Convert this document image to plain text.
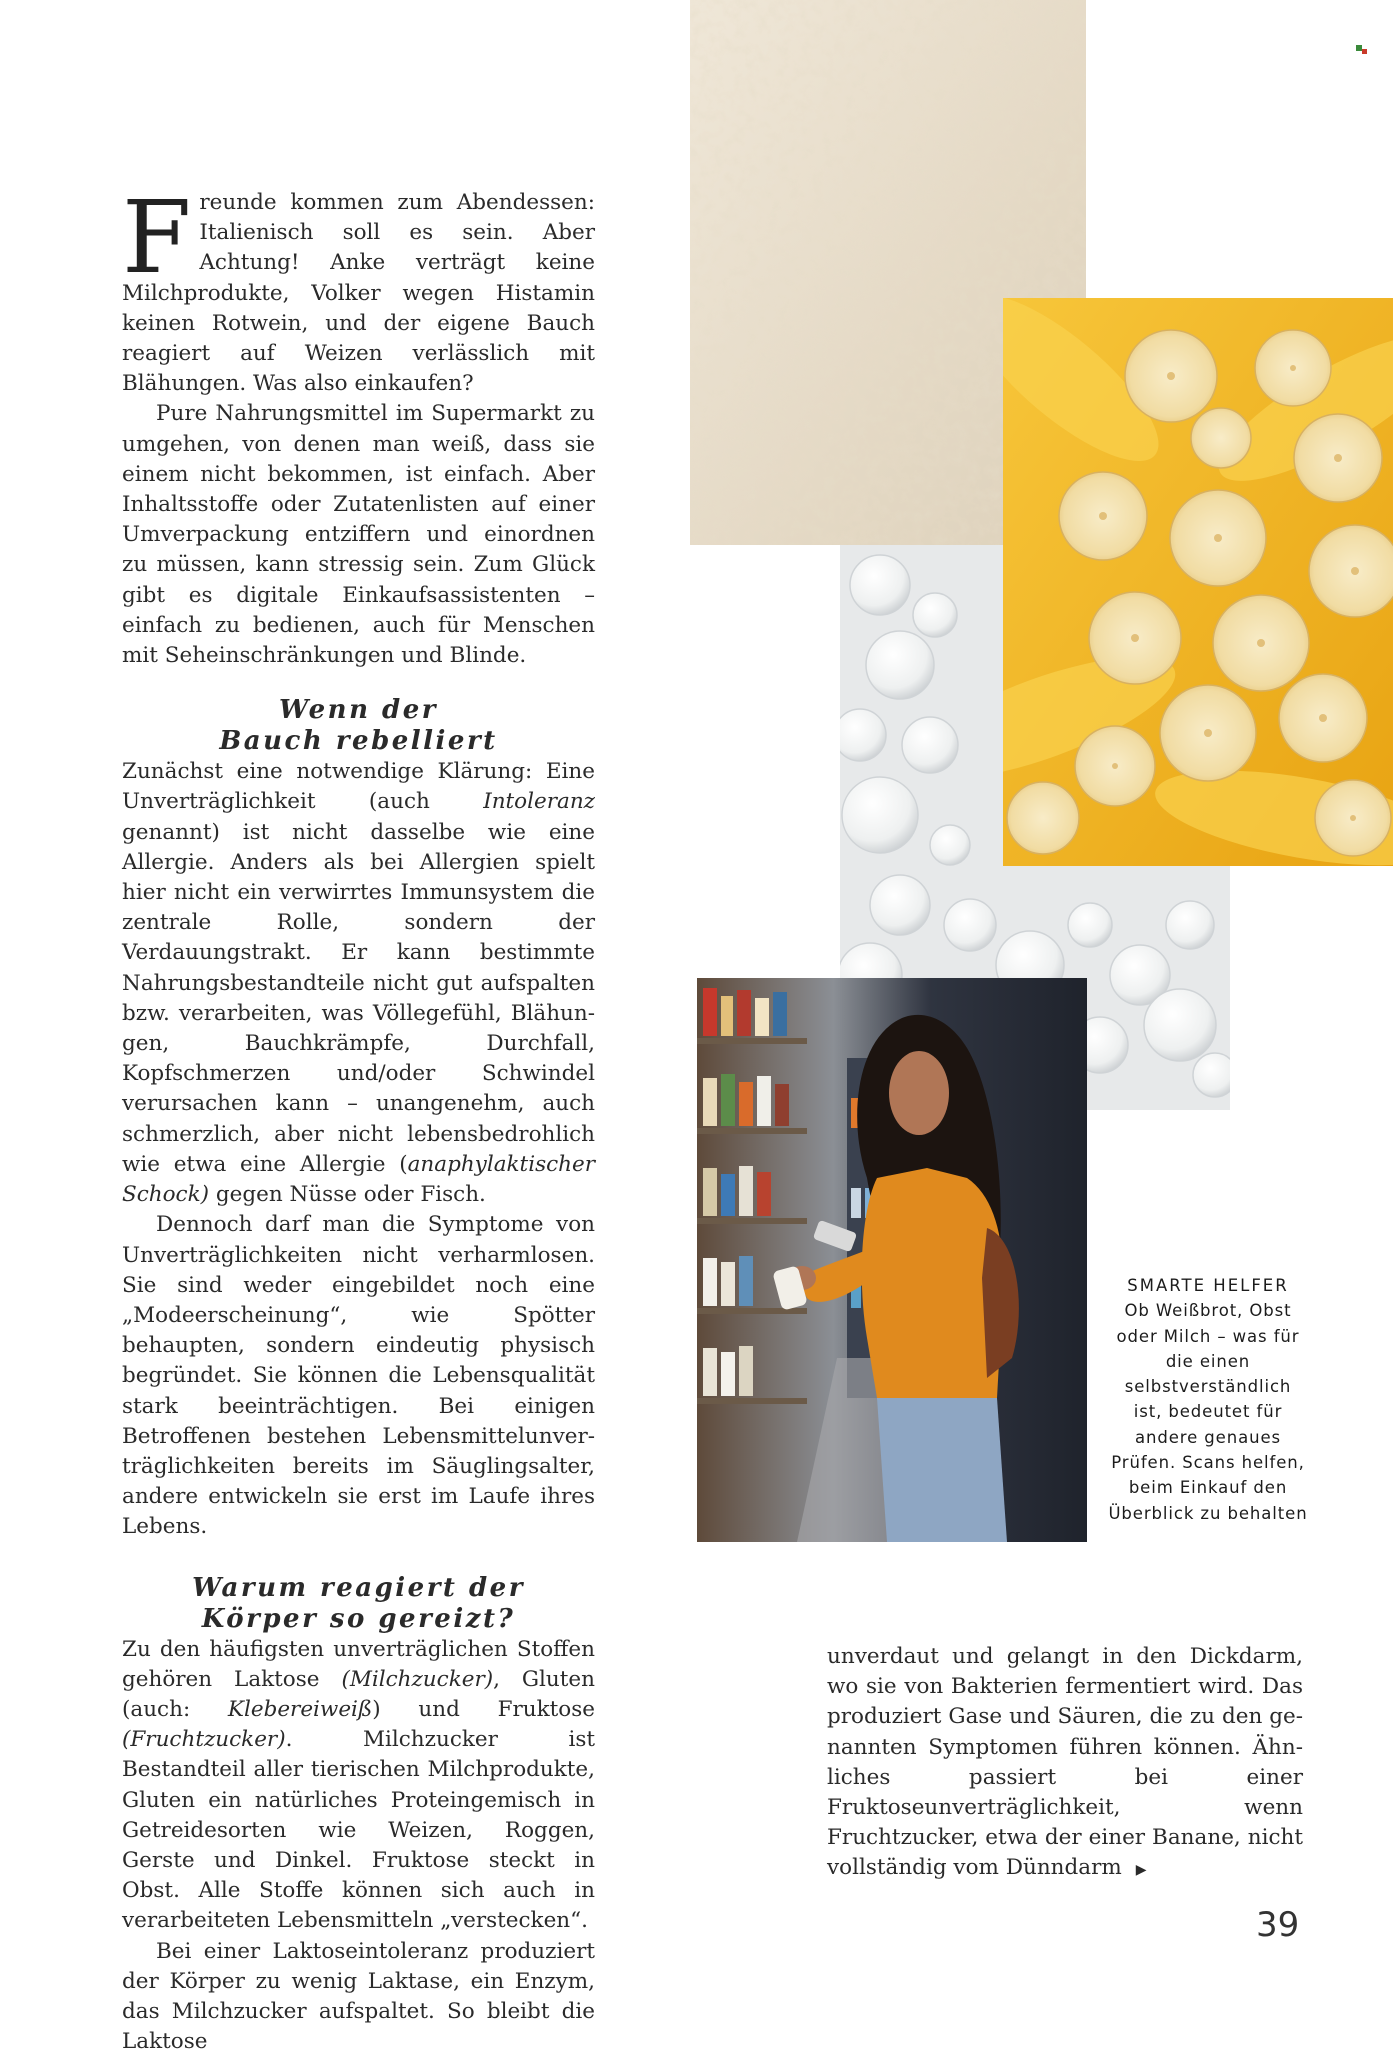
Freunde kommen zum Abendessen: Italienisch soll es sein. Aber Achtung! Anke verträgt keine Milchprodukte, Volker wegen Histamin keinen Rotwein, und der eigene Bauch reagiert auf Weizen verlässlich mit Blähungen. Was also einkaufen?

Pure Nahrungsmittel im Supermarkt zu umgehen, von denen man weiß, dass sie einem nicht bekommen, ist einfach. Aber Inhaltsstoffe oder Zutatenlisten auf einer Umverpackung entziffern und einordnen zu müssen, kann stressig sein. Zum Glück gibt es digitale Einkaufsassistenten – einfach zu bedienen, auch für Menschen mit Seheinschränkungen und Blinde.

Wenn der
Bauch rebelliert

Zunächst eine notwendige Klärung: Eine Unverträglichkeit (auch Intoleranz genannt) ist nicht dasselbe wie eine Allergie. Anders als bei Allergien spielt hier nicht ein verwirrtes Immunsystem die zentrale Rolle, sondern der Verdauungstrakt. Er kann bestimmte Nahrungsbestandteile nicht gut aufspalten bzw. verarbeiten, was Völlegefühl, Blähungen, Bauchkrämpfe, Durchfall, Kopfschmerzen und/oder Schwindel verursachen kann – unangenehm, auch schmerzlich, aber nicht lebensbedrohlich wie etwa eine Allergie (anaphylaktischer Schock) gegen Nüsse oder Fisch.

Dennoch darf man die Symptome von Unverträglichkeiten nicht verharmlosen. Sie sind weder eingebildet noch eine „Modeerscheinung“, wie Spötter behaupten, sondern eindeutig physisch begründet. Sie können die Lebensqualität stark beeinträchtigen. Bei einigen Betroffenen bestehen Lebensmittelunverträglichkeiten bereits im Säuglingsalter, andere entwickeln sie erst im Laufe ihres Lebens.

Warum reagiert der
Körper so gereizt?

Zu den häufigsten unverträglichen Stoffen gehören Laktose (Milchzucker), Gluten (auch: Klebereiweiß) und Fruktose (Fruchtzucker). Milchzucker ist Bestandteil aller tierischen Milchprodukte, Gluten ein natürliches Proteingemisch in Getreidesorten wie Weizen, Roggen, Gerste und Dinkel. Fruktose steckt in Obst. Alle Stoffe können sich auch in verarbeiteten Lebensmitteln „verstecken“.

Bei einer Laktoseintoleranz produziert der Körper zu wenig Laktase, ein Enzym, das Milchzucker aufspaltet. So bleibt die Laktose

unverdaut und gelangt in den Dickdarm, wo sie von Bakterien fermentiert wird. Das produziert Gase und Säuren, die zu den genannten Symptomen führen können. Ähnliches passiert bei einer Fruktoseunverträglichkeit, wenn Fruchtzucker, etwa der einer Banane, nicht vollständig vom Dünndarm ▶

SMARTE HELFER
Ob Weißbrot, Obst oder Milch – was für die einen selbstverständlich ist, bedeutet für andere genaues Prüfen. Scans helfen, beim Einkauf den Überblick zu behalten
39
